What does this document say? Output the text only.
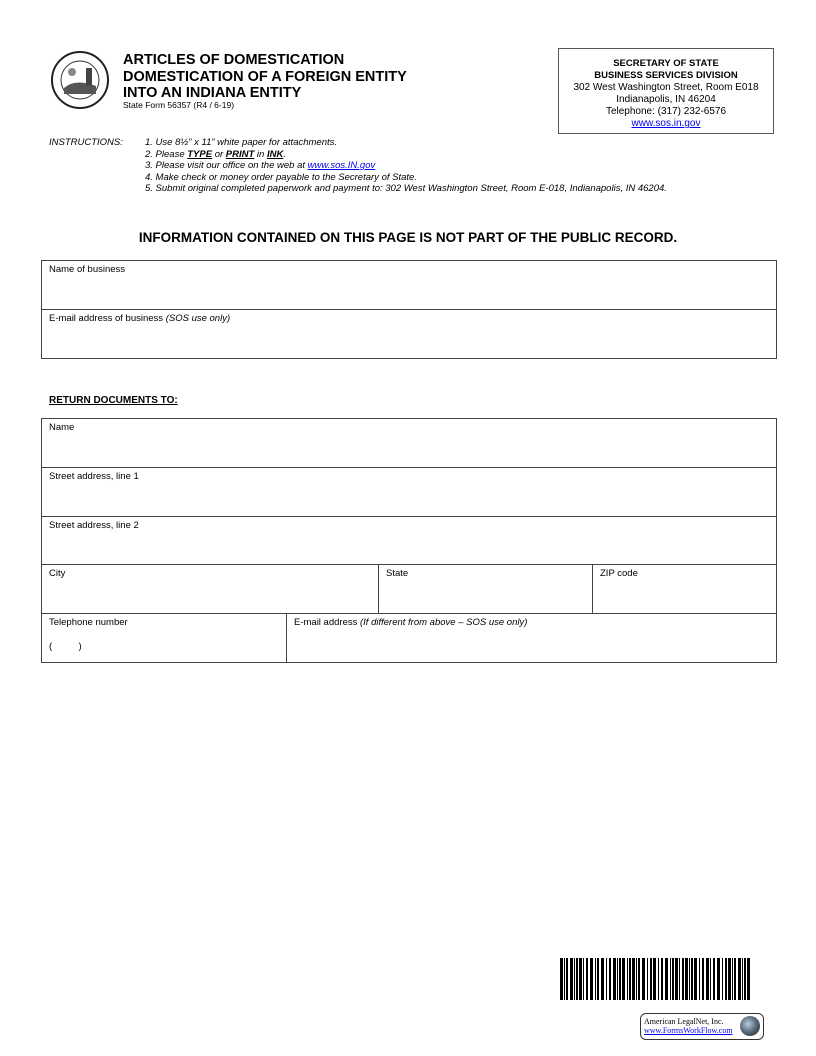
ARTICLES OF DOMESTICATION
DOMESTICATION OF A FOREIGN ENTITY
INTO AN INDIANA ENTITY
State Form 56357 (R4 / 6-19)
SECRETARY OF STATE
BUSINESS SERVICES DIVISION
302 West Washington Street, Room E018
Indianapolis, IN 46204
Telephone: (317) 232-6576
www.sos.in.gov
INSTRUCTIONS: 1. Use 8½” x 11” white paper for attachments.
2. Please TYPE or PRINT in INK.
3. Please visit our office on the web at www.sos.IN.gov
4. Make check or money order payable to the Secretary of State.
5. Submit original completed paperwork and payment to: 302 West Washington Street, Room E-018, Indianapolis, IN 46204.
INFORMATION CONTAINED ON THIS PAGE IS NOT PART OF THE PUBLIC RECORD.
Name of business
E-mail address of business (SOS use only)
RETURN DOCUMENTS TO:
Name
Street address, line 1
Street address, line 2
City	State	ZIP code
Telephone number
(          )
E-mail address (If different from above – SOS use only)
American LegalNet, Inc.
www.FormsWorkFlow.com
